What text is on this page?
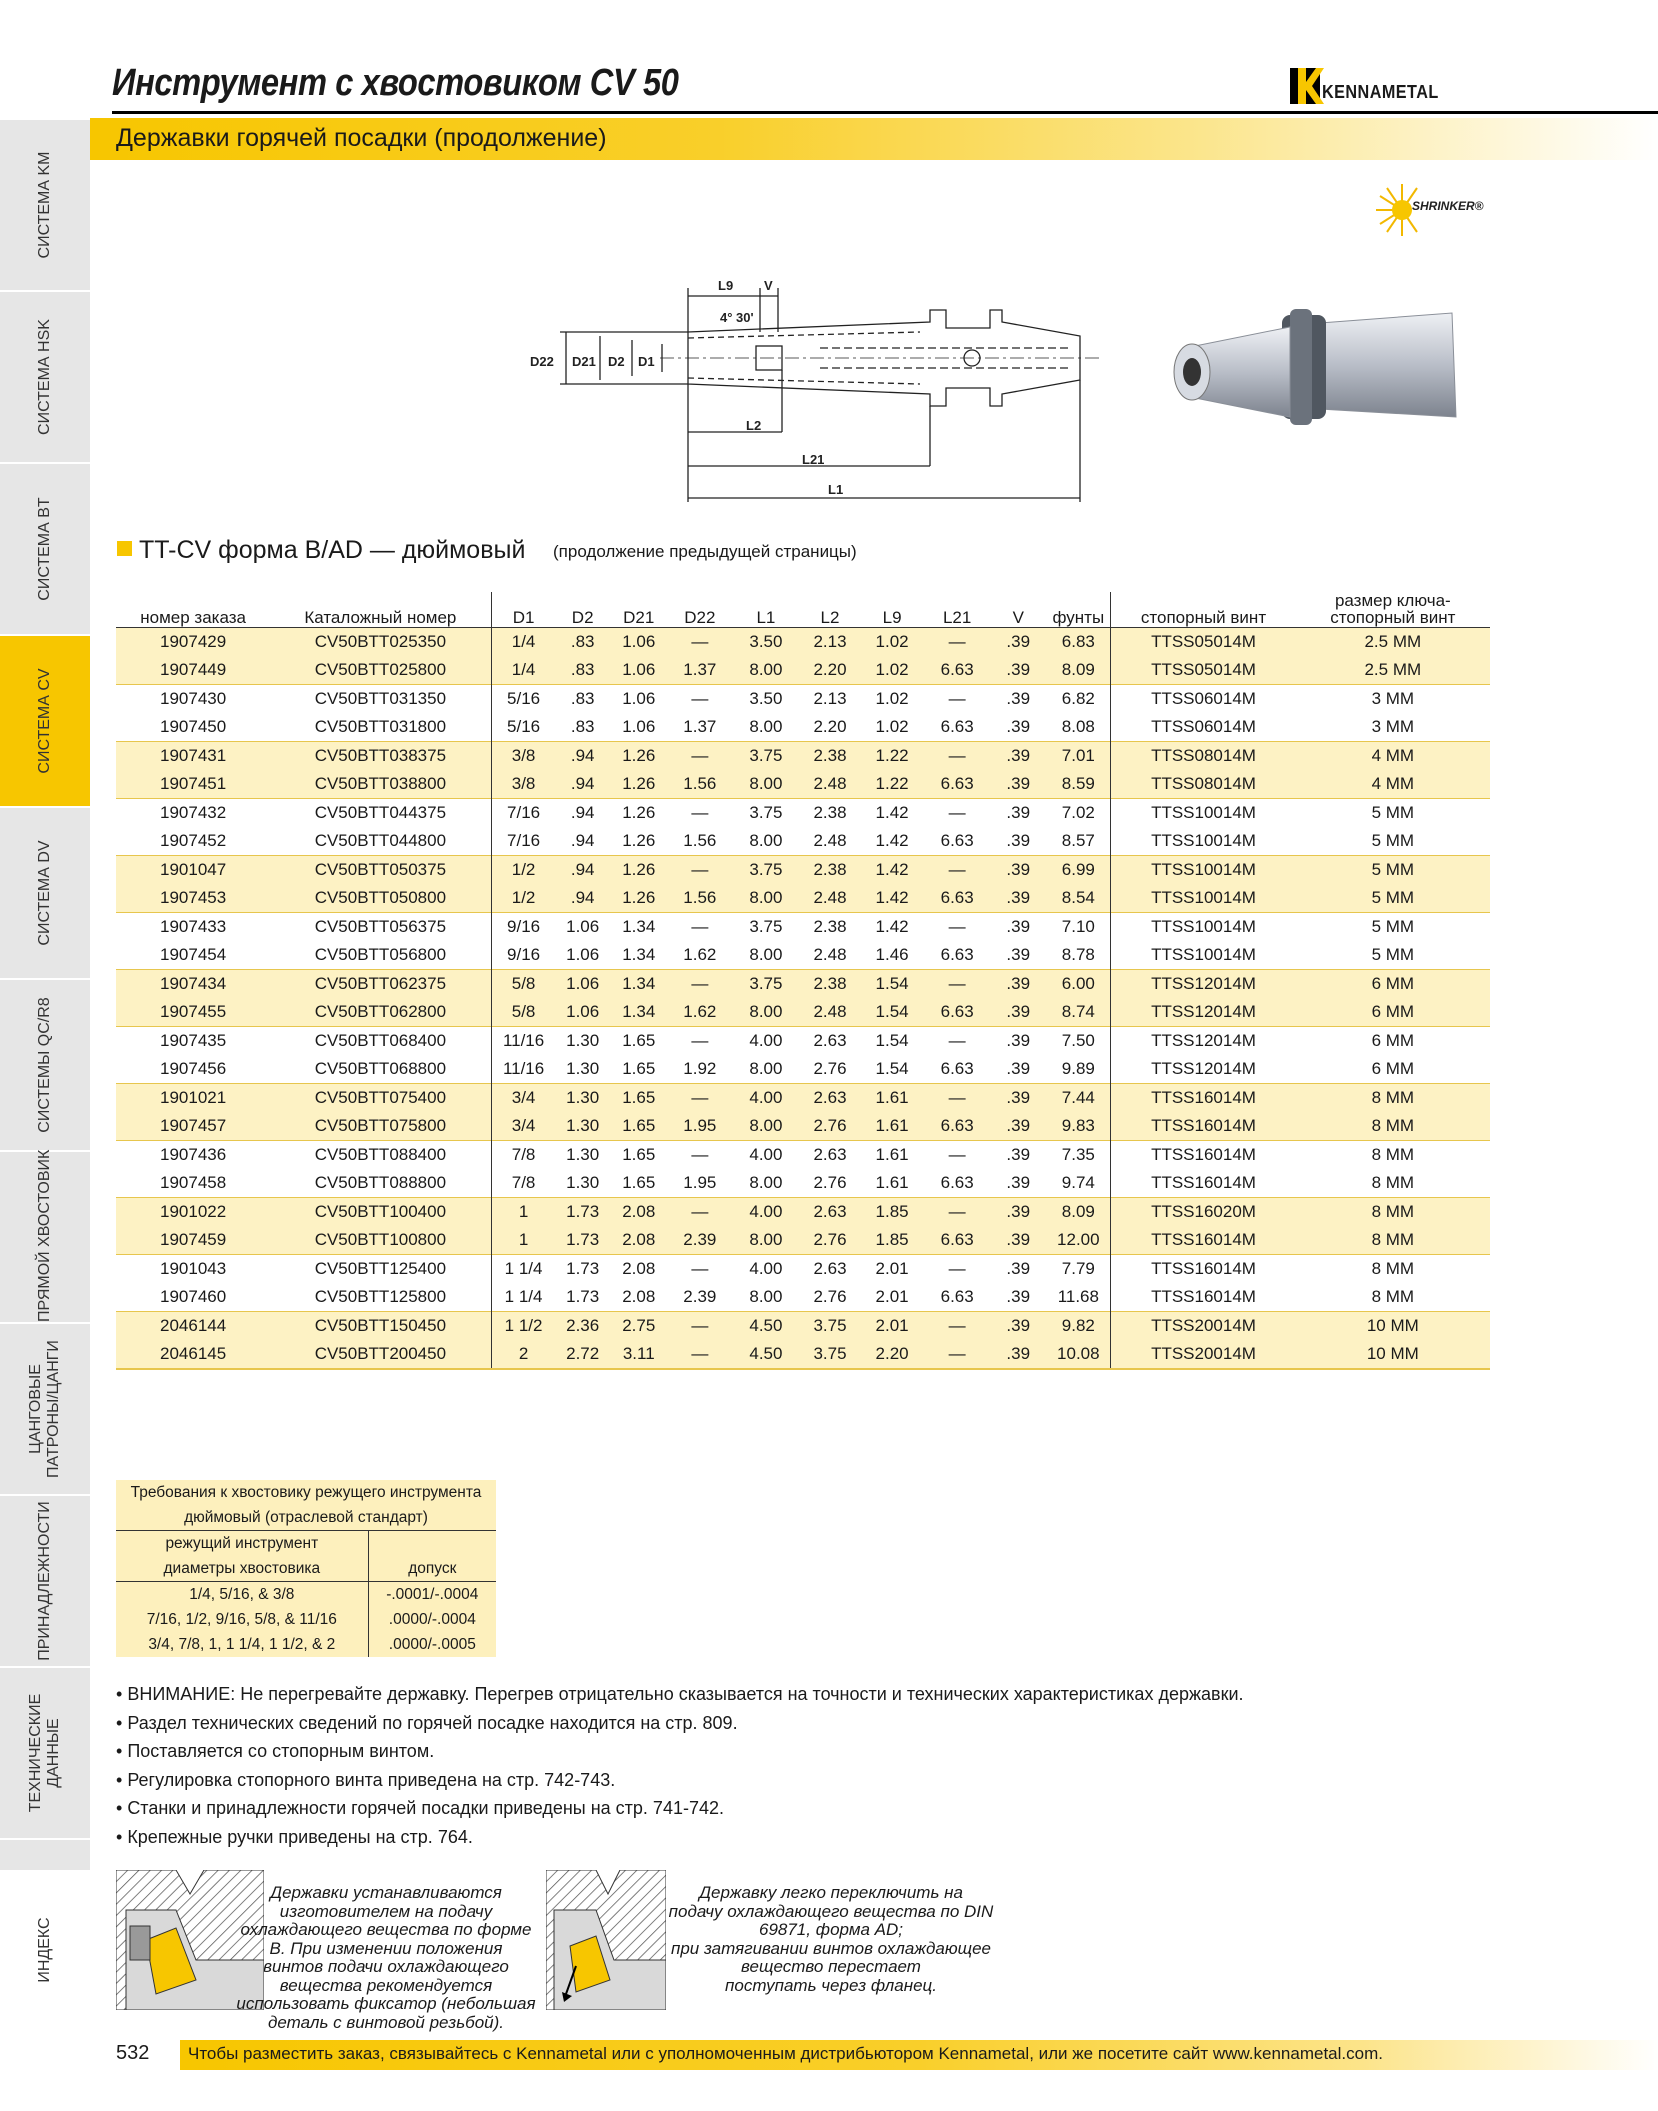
СИСТЕМА KM
СИСТЕМА HSK
СИСТЕМА BT
СИСТЕМА CV
СИСТЕМА DV
СИСТЕМЫ QC/R8
ПРЯМОЙ ХВОСТОВИК
ЦАНГОВЫЕ
ПАТРОНЫ/ЦАНГИ
ПРИНАДЛЕЖНОСТИ
ТЕХНИЧЕСКИЕ
ДАННЫЕ
ИНДЕКС
Инструмент с хвостовиком CV 50	KENNAMETAL
Державки горячей посадки (продолжение)
SHRINKER®
L9 V
4° 30'
D22 D21 D2 D1
L2
L21
L1
TT-CV форма B/AD — дюймовый (продолжение предыдущей страницы)
номер заказа	Каталожный номер	D1	D2	D21	D22	L1	L2	L9	L21	V	фунты	стопорный винт	размер ключа-
стопорный винт
1907429	CV50BTT025350	1/4	.83	1.06	—	3.50	2.13	1.02	—	.39	6.83	TTSS05014M	2.5 MM
1907449	CV50BTT025800	1/4	.83	1.06	1.37	8.00	2.20	1.02	6.63	.39	8.09	TTSS05014M	2.5 MM
1907430	CV50BTT031350	5/16	.83	1.06	—	3.50	2.13	1.02	—	.39	6.82	TTSS06014M	3 MM
1907450	CV50BTT031800	5/16	.83	1.06	1.37	8.00	2.20	1.02	6.63	.39	8.08	TTSS06014M	3 MM
1907431	CV50BTT038375	3/8	.94	1.26	—	3.75	2.38	1.22	—	.39	7.01	TTSS08014M	4 MM
1907451	CV50BTT038800	3/8	.94	1.26	1.56	8.00	2.48	1.22	6.63	.39	8.59	TTSS08014M	4 MM
1907432	CV50BTT044375	7/16	.94	1.26	—	3.75	2.38	1.42	—	.39	7.02	TTSS10014M	5 MM
1907452	CV50BTT044800	7/16	.94	1.26	1.56	8.00	2.48	1.42	6.63	.39	8.57	TTSS10014M	5 MM
1901047	CV50BTT050375	1/2	.94	1.26	—	3.75	2.38	1.42	—	.39	6.99	TTSS10014M	5 MM
1907453	CV50BTT050800	1/2	.94	1.26	1.56	8.00	2.48	1.42	6.63	.39	8.54	TTSS10014M	5 MM
1907433	CV50BTT056375	9/16	1.06	1.34	—	3.75	2.38	1.42	—	.39	7.10	TTSS10014M	5 MM
1907454	CV50BTT056800	9/16	1.06	1.34	1.62	8.00	2.48	1.46	6.63	.39	8.78	TTSS10014M	5 MM
1907434	CV50BTT062375	5/8	1.06	1.34	—	3.75	2.38	1.54	—	.39	6.00	TTSS12014M	6 MM
1907455	CV50BTT062800	5/8	1.06	1.34	1.62	8.00	2.48	1.54	6.63	.39	8.74	TTSS12014M	6 MM
1907435	CV50BTT068400	11/16	1.30	1.65	—	4.00	2.63	1.54	—	.39	7.50	TTSS12014M	6 MM
1907456	CV50BTT068800	11/16	1.30	1.65	1.92	8.00	2.76	1.54	6.63	.39	9.89	TTSS12014M	6 MM
1901021	CV50BTT075400	3/4	1.30	1.65	—	4.00	2.63	1.61	—	.39	7.44	TTSS16014M	8 MM
1907457	CV50BTT075800	3/4	1.30	1.65	1.95	8.00	2.76	1.61	6.63	.39	9.83	TTSS16014M	8 MM
1907436	CV50BTT088400	7/8	1.30	1.65	—	4.00	2.63	1.61	—	.39	7.35	TTSS16014M	8 MM
1907458	CV50BTT088800	7/8	1.30	1.65	1.95	8.00	2.76	1.61	6.63	.39	9.74	TTSS16014M	8 MM
1901022	CV50BTT100400	1	1.73	2.08	—	4.00	2.63	1.85	—	.39	8.09	TTSS16020M	8 MM
1907459	CV50BTT100800	1	1.73	2.08	2.39	8.00	2.76	1.85	6.63	.39	12.00	TTSS16014M	8 MM
1901043	CV50BTT125400	1 1/4	1.73	2.08	—	4.00	2.63	2.01	—	.39	7.79	TTSS16014M	8 MM
1907460	CV50BTT125800	1 1/4	1.73	2.08	2.39	8.00	2.76	2.01	6.63	.39	11.68	TTSS16014M	8 MM
2046144	CV50BTT150450	1 1/2	2.36	2.75	—	4.50	3.75	2.01	—	.39	9.82	TTSS20014M	10 MM
2046145	CV50BTT200450	2	2.72	3.11	—	4.50	3.75	2.20	—	.39	10.08	TTSS20014M	10 MM
Требования к хвостовику режущего инструмента	
дюймовый (отраслевой стандарт)	
режущий инструмент	
диаметры хвостовика	допуск
1/4, 5/16, & 3/8	-.0001/-.0004
7/16, 1/2, 9/16, 5/8, & 11/16	.0000/-.0004
3/4, 7/8, 1, 1 1/4, 1 1/2, & 2	.0000/-.0005
• ВНИМАНИЕ: Не перегревайте державку. Перегрев отрицательно сказывается на точности и технических характеристиках державки.
• Раздел технических сведений по горячей посадке находится на стр. 809.
• Поставляется со стопорным винтом.
• Регулировка стопорного винта приведена на стр. 742-743.
• Станки и принадлежности горячей посадки приведены на стр. 741-742.
• Крепежные ручки приведены на стр. 764.
Державки устанавливаются
изготовителем на подачу
охлаждающего вещества по форме
B. При изменении положения
винтов подачи охлаждающего
вещества рекомендуется
использовать фиксатор (небольшая
деталь с винтовой резьбой).
Державку легко переключить на
подачу охлаждающего вещества по DIN
69871, форма AD;
при затягивании винтов охлаждающее
вещество перестает
поступать через фланец.
532 Чтобы разместить заказ, связывайтесь с Kennametal или с уполномоченным дистрибьютором Kennametal, или же посетите сайт www.kennametal.com.
